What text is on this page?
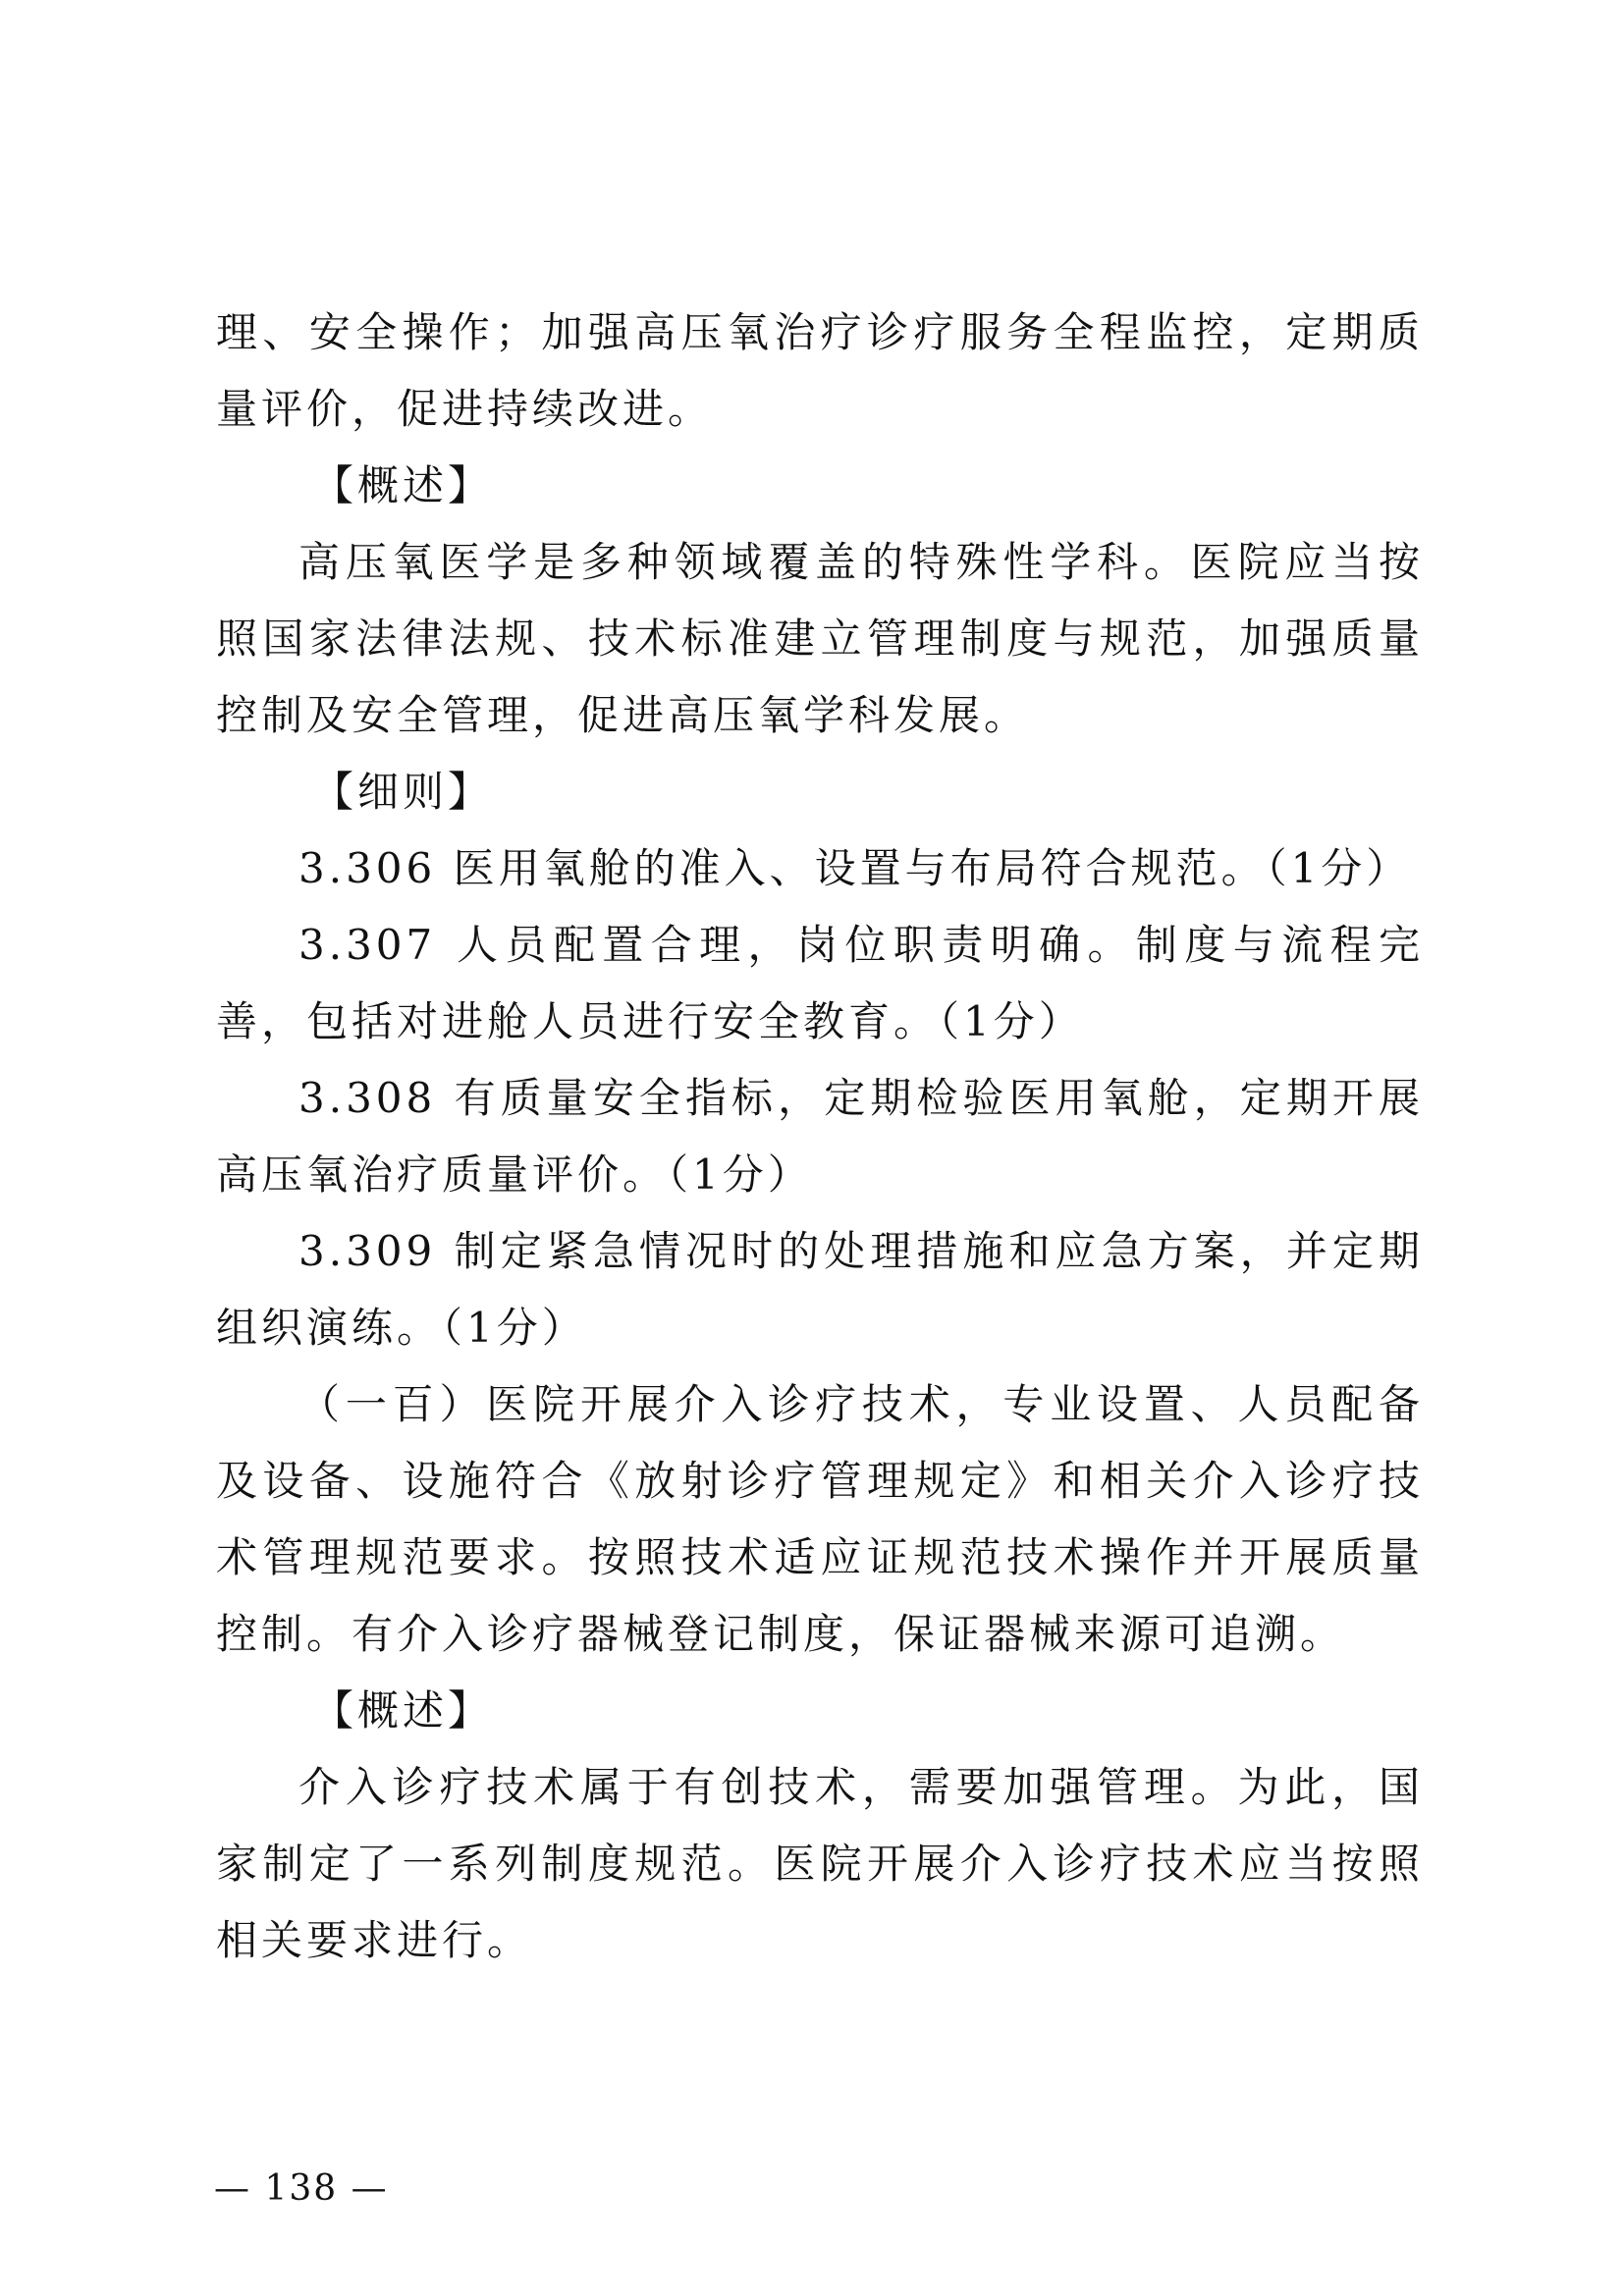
理、安全操作；加强高压氧治疗诊疗服务全程监控，定期质量评价，促进持续改进。

【概述】

高压氧医学是多种领域覆盖的特殊性学科。医院应当按照国家法律法规、技术标准建立管理制度与规范，加强质量控制及安全管理，促进高压氧学科发展。

【细则】

3.306 医用氧舱的准入、设置与布局符合规范。（1分）

3.307 人员配置合理，岗位职责明确。制度与流程完善，包括对进舱人员进行安全教育。（1分）

3.308 有质量安全指标，定期检验医用氧舱，定期开展高压氧治疗质量评价。（1分）

3.309 制定紧急情况时的处理措施和应急方案，并定期组织演练。（1分）

（一百）医院开展介入诊疗技术，专业设置、人员配备及设备、设施符合《放射诊疗管理规定》和相关介入诊疗技术管理规范要求。按照技术适应证规范技术操作并开展质量控制。有介入诊疗器械登记制度，保证器械来源可追溯。

【概述】

介入诊疗技术属于有创技术，需要加强管理。为此，国家制定了一系列制度规范。医院开展介入诊疗技术应当按照相关要求进行。

— 138 —
